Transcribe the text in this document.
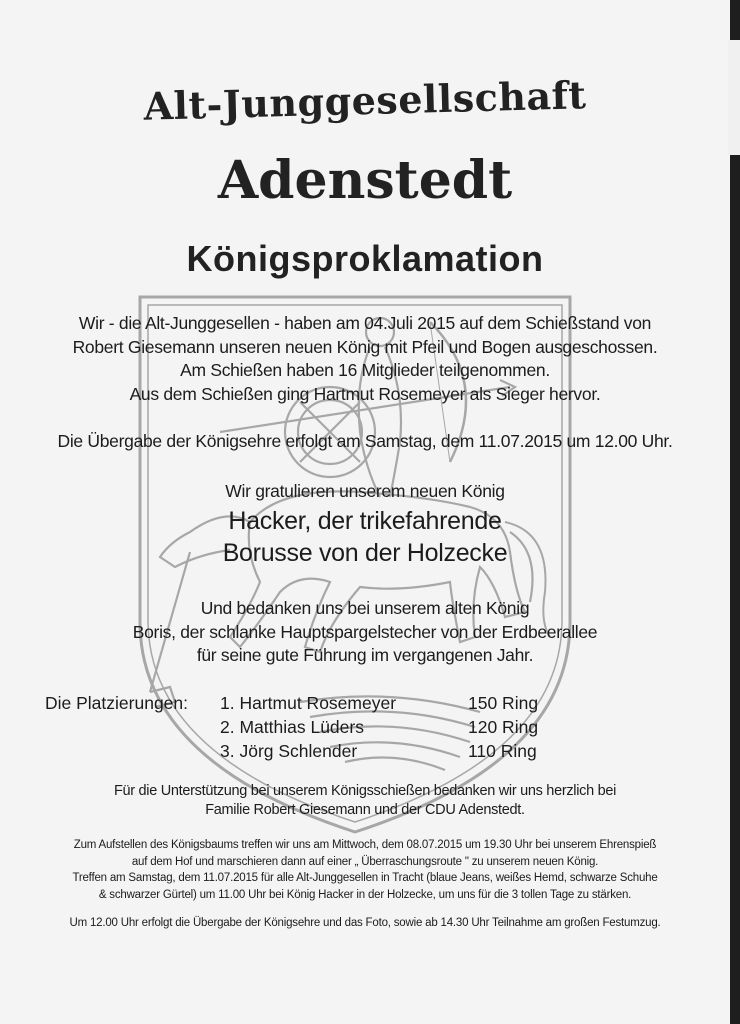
Alt-Junggesellschaft
Adenstedt
Königsproklamation
Wir - die Alt-Junggesellen - haben am 04.Juli 2015 auf dem Schießstand von
Robert Giesemann unseren neuen König mit Pfeil und Bogen ausgeschossen.
Am Schießen haben 16 Mitglieder teilgenommen.
Aus dem Schießen ging Hartmut Rosemeyer als Sieger hervor.
Die Übergabe der Königsehre erfolgt am Samstag, dem 11.07.2015 um 12.00 Uhr.
Wir gratulieren unserem neuen König
Hacker, der trikefahrende
Borusse von der Holzecke
Und bedanken uns bei unserem alten König
Boris, der schlanke Hauptspargelstecher von der Erdbeerallee
für seine gute Führung im vergangenen Jahr.
Die Platzierungen: 1. Hartmut Rosemeyer	150 Ring
2. Matthias Lüders	120 Ring
3. Jörg Schlender	110 Ring
Für die Unterstützung bei unserem Königsschießen bedanken wir uns herzlich bei
Familie Robert Giesemann und der CDU Adenstedt.
Zum Aufstellen des Königsbaums treffen wir uns am Mittwoch, dem 08.07.2015 um 19.30 Uhr bei unserem Ehrenspieß
auf dem Hof und marschieren dann auf einer „ Überraschungsroute " zu unserem neuen König.
Treffen am Samstag, dem 11.07.2015 für alle Alt-Junggesellen in Tracht (blaue Jeans, weißes Hemd, schwarze Schuhe
& schwarzer Gürtel) um 11.00 Uhr bei König Hacker in der Holzecke, um uns für die 3 tollen Tage zu stärken.
Um 12.00 Uhr erfolgt die Übergabe der Königsehre und das Foto, sowie ab 14.30 Uhr Teilnahme am großen Festumzug.
